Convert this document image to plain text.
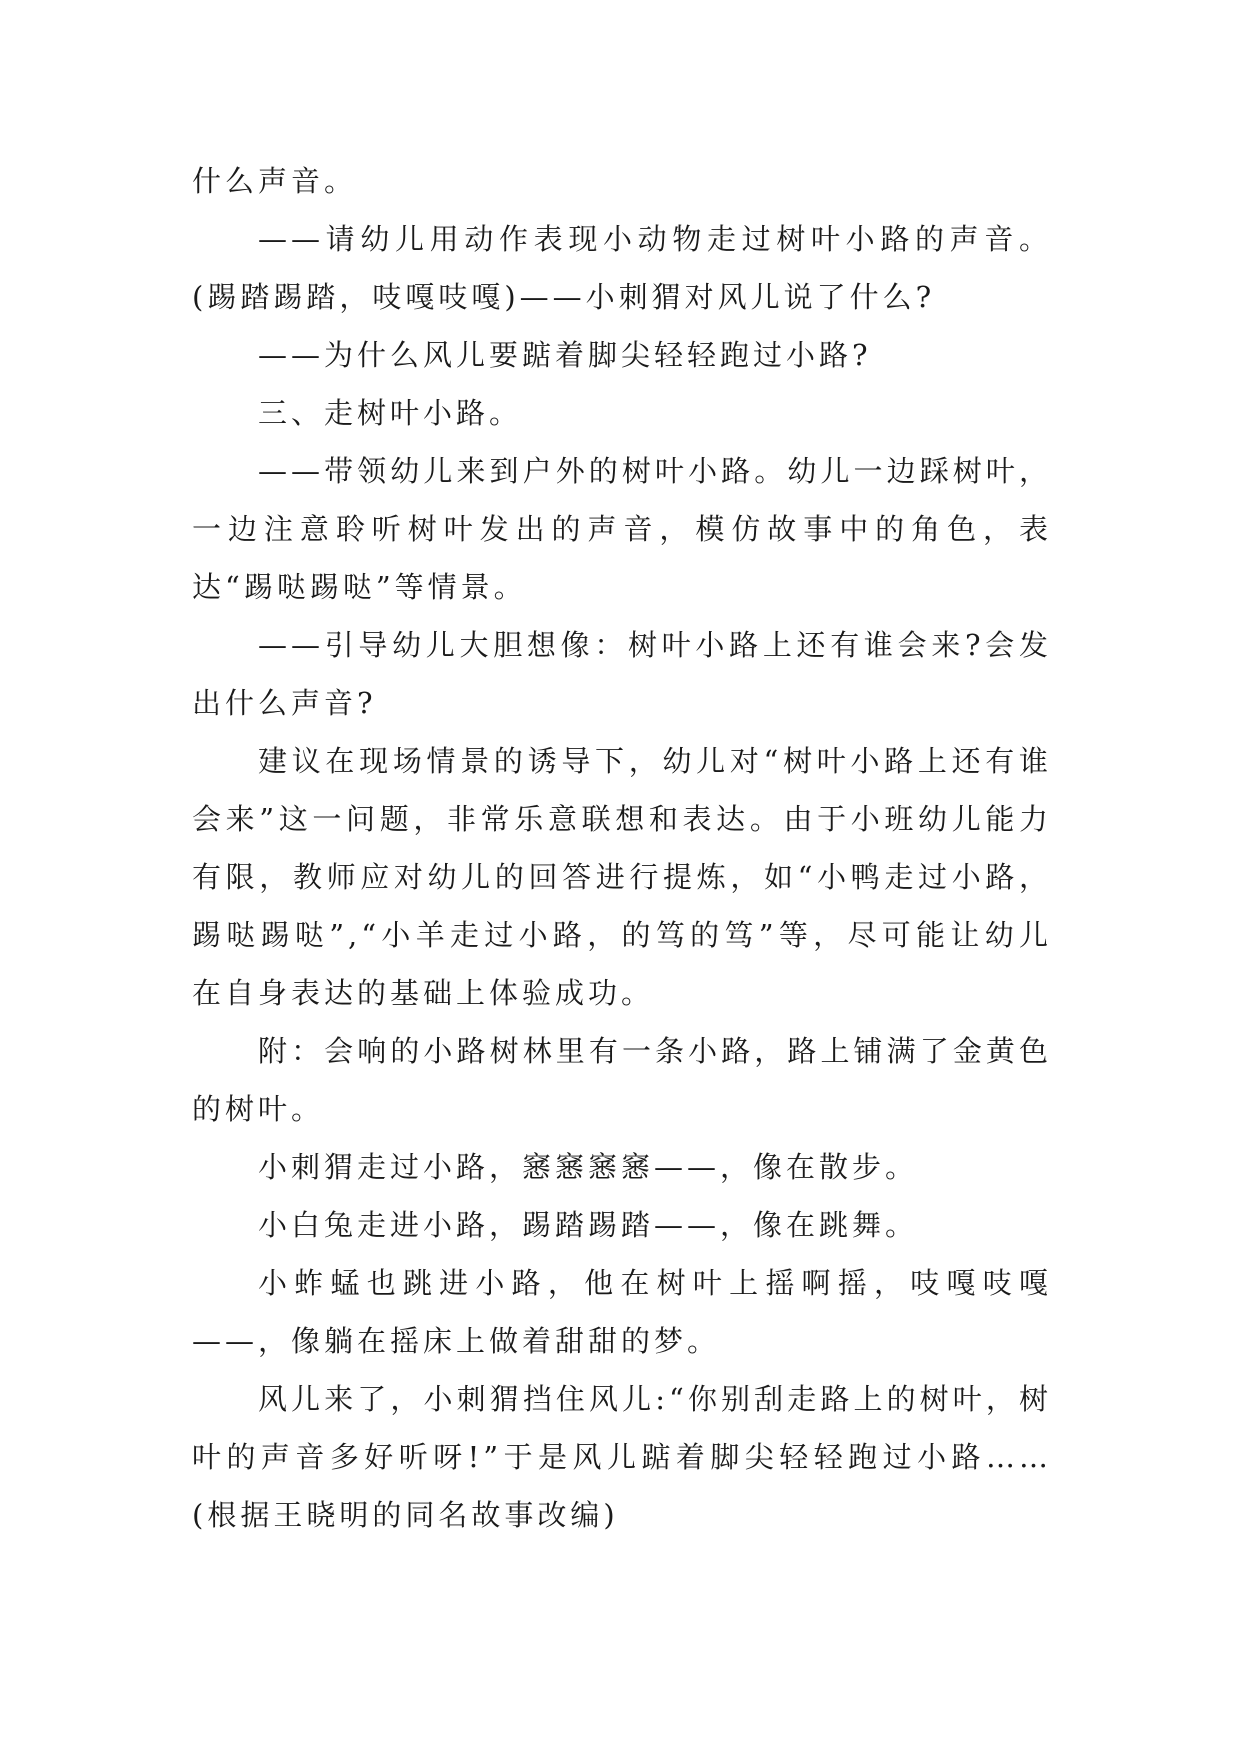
什么声音。

——请幼儿用动作表现小动物走过树叶小路的声音。(踢踏踢踏，吱嘎吱嘎)——小刺猬对风儿说了什么?

——为什么风儿要踮着脚尖轻轻跑过小路?

三、走树叶小路。

——带领幼儿来到户外的树叶小路。幼儿一边踩树叶，一边注意聆听树叶发出的声音，模仿故事中的角色，表达“踢哒踢哒”等情景。

——引导幼儿大胆想像：树叶小路上还有谁会来?会发出什么声音?

建议在现场情景的诱导下，幼儿对“树叶小路上还有谁会来”这一问题，非常乐意联想和表达。由于小班幼儿能力有限，教师应对幼儿的回答进行提炼，如“小鸭走过小路，踢哒踢哒”,“小羊走过小路，的笃的笃”等，尽可能让幼儿在自身表达的基础上体验成功。

附：会响的小路树林里有一条小路，路上铺满了金黄色的树叶。

小刺猬走过小路，窸窸窸窸——，像在散步。

小白兔走进小路，踢踏踢踏——，像在跳舞。

小蚱蜢也跳进小路，他在树叶上摇啊摇，吱嘎吱嘎——，像躺在摇床上做着甜甜的梦。

风儿来了，小刺猬挡住风儿:“你别刮走路上的树叶，树叶的声音多好听呀!”于是风儿踮着脚尖轻轻跑过小路……(根据王晓明的同名故事改编)
